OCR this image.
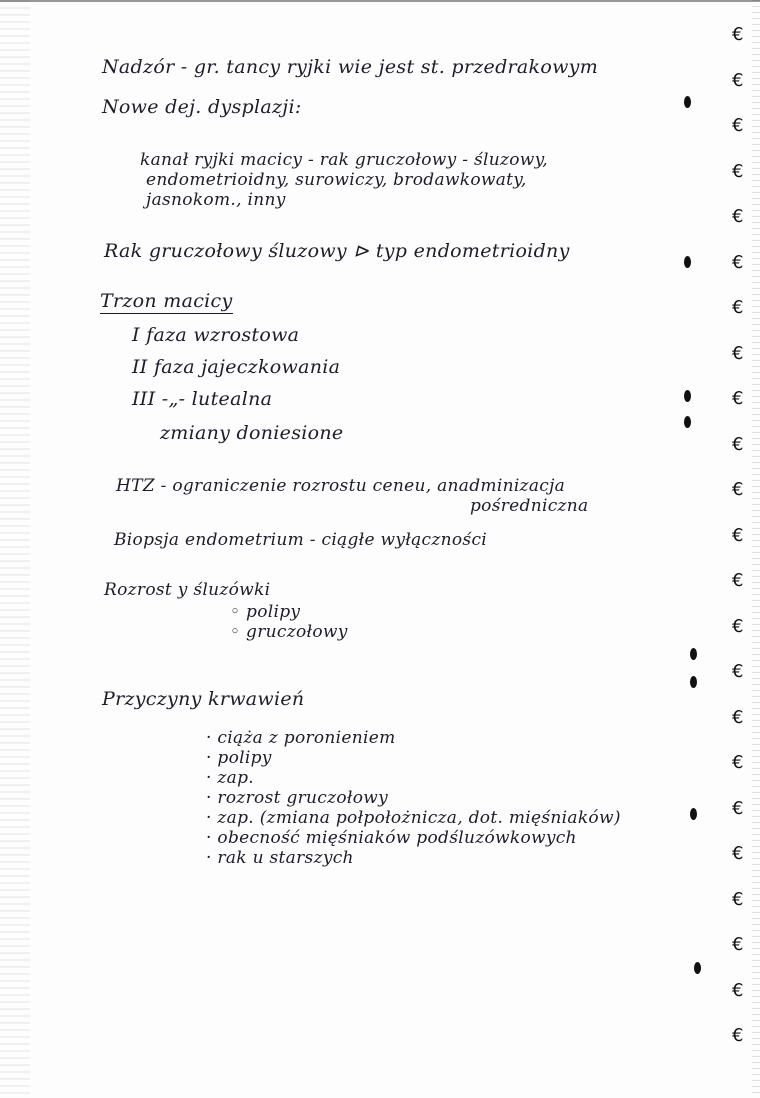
Nadzór - gr. tancy ryjki wie jest st. przedrakowym
Nowe dej. dysplazji:
kanał ryjki macicy - rak gruczołowy - śluzowy,
endometrioidny, surowiczy, brodawkowaty,
jasnokom., inny
Rak gruczołowy śluzowy ⊳ typ endometrioidny
Trzon macicy
I faza wzrostowa
II faza jajeczkowania
III -„- lutealna
zmiany doniesione
HTZ - ograniczenie rozrostu ceneu, anadminizacja
pośredniczna
Biopsja endometrium - ciągłe wyłączności
Rozrost y śluzówki
◦ polipy
◦ gruczołowy
Przyczyny krwawień
· ciąża z poronieniem
· polipy
· zap.
· rozrost gruczołowy
· zap. (zmiana połpołożnicza, dot. mięśniaków)
· obecność mięśniaków podśluzówkowych
· rak u starszych
€
€
€
€
€
€
€
€
€
€
€
€
€
€
€
€
€
€
€
€
€
€
€
